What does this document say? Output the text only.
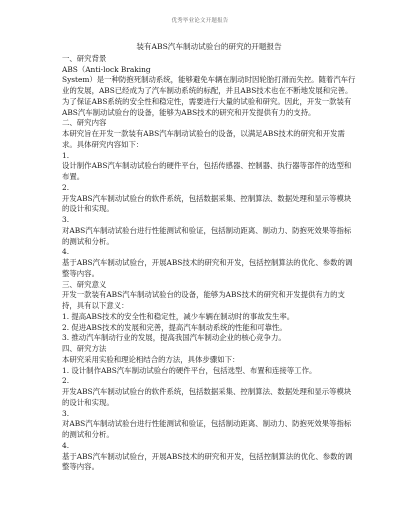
优秀毕业论文开题报告

装有ABS汽车制动试验台的研究的开题报告

一、研究背景

ABS（Anti-lock Braking

System）是一种防抱死制动系统，能够避免车辆在制动时因轮胎打滑而失控。随着汽车行业的发展，ABS已经成为了汽车制动系统的标配，并且ABS技术也在不断地发展和完善。为了保证ABS系统的安全性和稳定性，需要进行大量的试验和研究。因此，开发一款装有ABS汽车制动试验台的设备，能够为ABS技术的研究和开发提供有力的支持。

二、研究内容

本研究旨在开发一款装有ABS汽车制动试验台的设备，以满足ABS技术的研究和开发需求。具体研究内容如下：

1.

设计制作ABS汽车制动试验台的硬件平台，包括传感器、控制器、执行器等部件的选型和布置。

2.

开发ABS汽车制动试验台的软件系统，包括数据采集、控制算法、数据处理和显示等模块的设计和实现。

3.

对ABS汽车制动试验台进行性能测试和验证，包括制动距离、制动力、防抱死效果等指标的测试和分析。

4.

基于ABS汽车制动试验台，开展ABS技术的研究和开发，包括控制算法的优化、参数的调整等内容。

三、研究意义

开发一款装有ABS汽车制动试验台的设备，能够为ABS技术的研究和开发提供有力的支持，具有以下意义：

1. 提高ABS技术的安全性和稳定性，减少车辆在制动时的事故发生率。

2. 促进ABS技术的发展和完善，提高汽车制动系统的性能和可靠性。

3. 推动汽车制动行业的发展，提高我国汽车制动企业的核心竞争力。

四、研究方法

本研究采用实验和理论相结合的方法，具体步骤如下：

1. 设计制作ABS汽车制动试验台的硬件平台，包括选型、布置和连接等工作。

2.

开发ABS汽车制动试验台的软件系统，包括数据采集、控制算法、数据处理和显示等模块的设计和实现。

3.

对ABS汽车制动试验台进行性能测试和验证，包括制动距离、制动力、防抱死效果等指标的测试和分析。

4.

基于ABS汽车制动试验台，开展ABS技术的研究和开发，包括控制算法的优化、参数的调整等内容。
